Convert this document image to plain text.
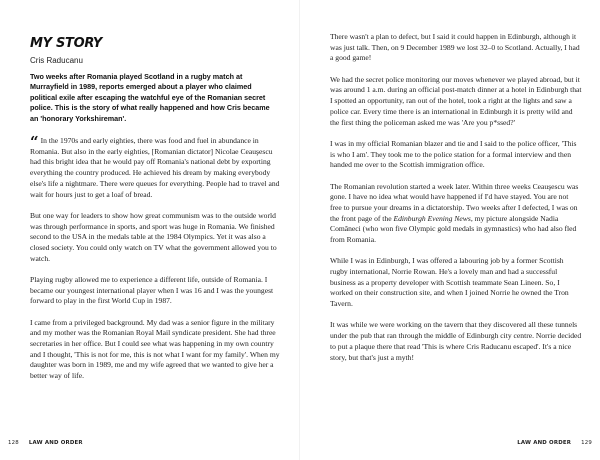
MY STORY

Cris Raducanu

Two weeks after Romania played Scotland in a rugby match at Murrayfield in 1989, reports emerged about a player who claimed political exile after escaping the watchful eye of the Romanian secret police. This is the story of what really happened and how Cris became an 'honorary Yorkshireman'.

“ In the 1970s and early eighties, there was food and fuel in abundance in Romania. But also in the early eighties, [Romanian dictator] Nicolae Ceauşescu had this bright idea that he would pay off Romania's national debt by exporting everything the country produced. He achieved his dream by making everybody else's life a nightmare. There were queues for everything. People had to travel and wait for hours just to get a loaf of bread.

But one way for leaders to show how great communism was to the outside world was through performance in sports, and sport was huge in Romania. We finished second to the USA in the medals table at the 1984 Olympics. Yet it was also a closed society. You could only watch on TV what the government allowed you to watch.

Playing rugby allowed me to experience a different life, outside of Romania. I became our youngest international player when I was 16 and I was the youngest forward to play in the first World Cup in 1987.

I came from a privileged background. My dad was a senior figure in the military and my mother was the Romanian Royal Mail syndicate president. She had three secretaries in her office. But I could see what was happening in my own country and I thought, 'This is not for me, this is not what I want for my family'. When my daughter was born in 1989, me and my wife agreed that we wanted to give her a better way of life.

128 LAW AND ORDER

There wasn't a plan to defect, but I said it could happen in Edinburgh, although it was just talk. Then, on 9 December 1989 we lost 32–0 to Scotland. Actually, I had a good game!

We had the secret police monitoring our moves whenever we played abroad, but it was around 1 a.m. during an official post-match dinner at a hotel in Edinburgh that I spotted an opportunity, ran out of the hotel, took a right at the lights and saw a police car. Every time there is an international in Edinburgh it is pretty wild and the first thing the policeman asked me was 'Are you p*ssed?'

I was in my official Romanian blazer and tie and I said to the police officer, 'This is who I am'. They took me to the police station for a formal interview and then handed me over to the Scottish immigration office.

The Romanian revolution started a week later. Within three weeks Ceauşescu was gone. I have no idea what would have happened if I'd have stayed. You are not free to pursue your dreams in a dictatorship. Two weeks after I defected, I was on the front page of the Edinburgh Evening News, my picture alongside Nadia Comăneci (who won five Olympic gold medals in gymnastics) who had also fled from Romania.

While I was in Edinburgh, I was offered a labouring job by a former Scottish rugby international, Norrie Rowan. He's a lovely man and had a successful business as a property developer with Scottish teammate Sean Lineen. So, I worked on their construction site, and when I joined Norrie he owned the Tron Tavern.

It was while we were working on the tavern that they discovered all these tunnels under the pub that ran through the middle of Edinburgh city centre. Norrie decided to put a plaque there that read 'This is where Cris Raducanu escaped'. It's a nice story, but that's just a myth!

LAW AND ORDER 129
